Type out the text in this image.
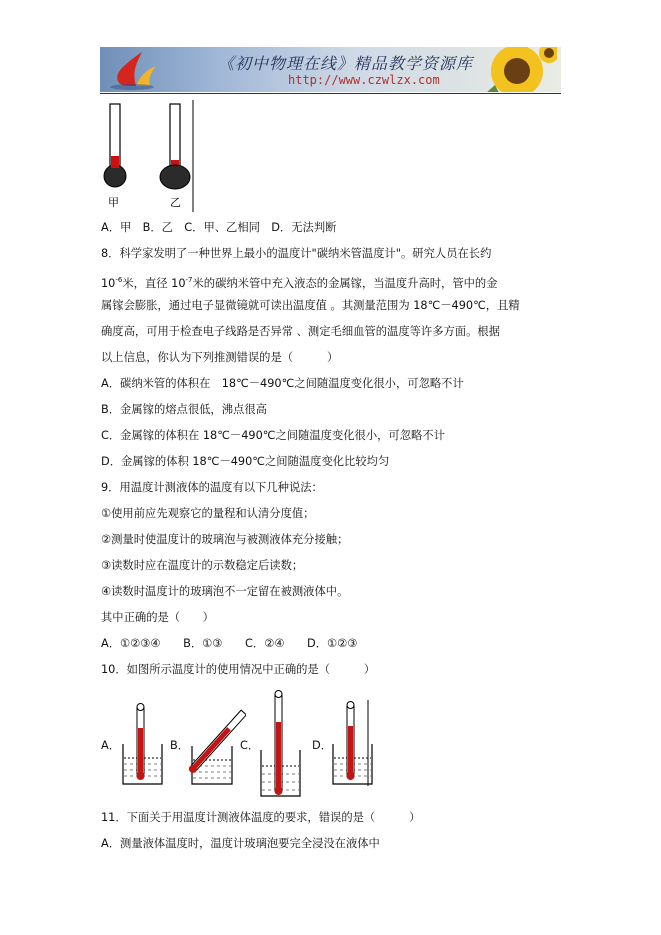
《初中物理在线》精品教学资源库
http://www.czwlzx.com
甲	乙
A．甲　B．乙　C．甲、乙相同　D．无法判断
8．科学家发明了一种世界上最小的温度计"碳纳米管温度计"。研究人员在长约
$10^{-6}$米，直径 $10^{-7}$米的碳纳米管中充入液态的金属镓，当温度升高时，管中的金
属镓会膨胀，通过电子显微镜就可读出温度值 。其测量范围为 18℃－490℃，且精
确度高，可用于检查电子线路是否异常 、测定毛细血管的温度等许多方面。根据
以上信息，你认为下列推测错误的是（　　　）
A．碳纳米管的体积在　18℃－490℃之间随温度变化很小，可忽略不计
B．金属镓的熔点很低，沸点很高
C．金属镓的体积在 18℃－490℃之间随温度变化很小，可忽略不计
D．金属镓的体积 18℃－490℃之间随温度变化比较均匀
9．用温度计测液体的温度有以下几种说法：
①使用前应先观察它的量程和认清分度值；
②测量时使温度计的玻璃泡与被测液体充分接触；
③读数时应在温度计的示数稳定后读数；
④读数时温度计的玻璃泡不一定留在被测液体中。
其中正确的是（　　）
A．①②③④　　B．①③　　C．②④　　D．①②③
10．如图所示温度计的使用情况中正确的是（　　　）
A．	B．	C．	D．
11．下面关于用温度计测液体温度的要求，错误的是（　　　）
A．测量液体温度时，温度计玻璃泡要完全浸没在液体中
